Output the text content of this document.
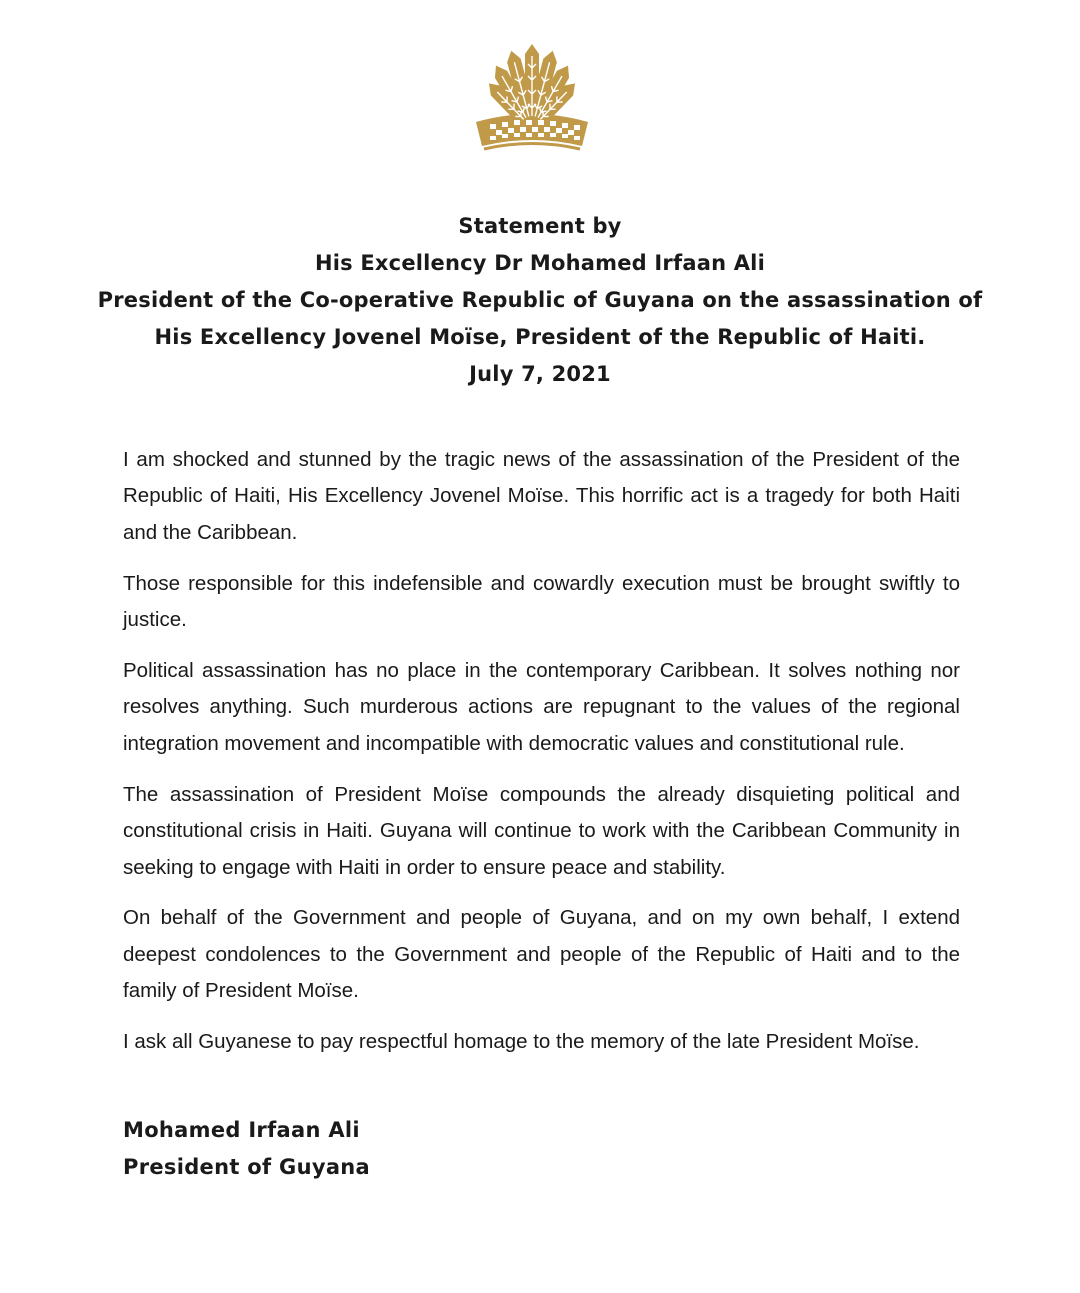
Statement by
His Excellency Dr Mohamed Irfaan Ali
President of the Co-operative Republic of Guyana on the assassination of
His Excellency Jovenel Moïse, President of the Republic of Haiti.
July 7, 2021

I am shocked and stunned by the tragic news of the assassination of the President of the Republic of Haiti, His Excellency Jovenel Moïse. This horrific act is a tragedy for both Haiti and the Caribbean.

Those responsible for this indefensible and cowardly execution must be brought swiftly to justice.

Political assassination has no place in the contemporary Caribbean. It solves nothing nor resolves anything. Such murderous actions are repugnant to the values of the regional integration movement and incompatible with democratic values and constitutional rule.

The assassination of President Moïse compounds the already disquieting political and constitutional crisis in Haiti. Guyana will continue to work with the Caribbean Community in seeking to engage with Haiti in order to ensure peace and stability.

On behalf of the Government and people of Guyana, and on my own behalf, I extend deepest condolences to the Government and people of the Republic of Haiti and to the family of President Moïse.

I ask all Guyanese to pay respectful homage to the memory of the late President Moïse.

Mohamed Irfaan Ali
President of Guyana
